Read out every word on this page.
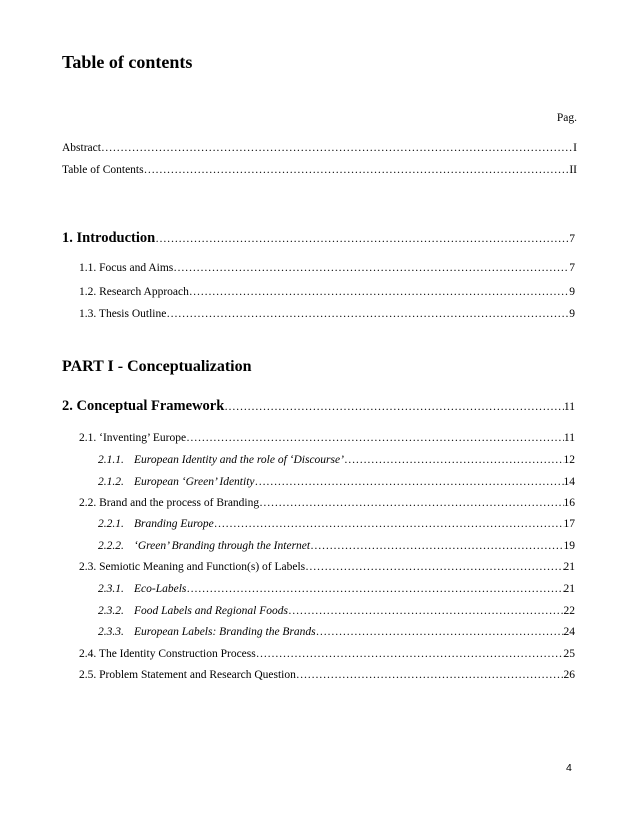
Table of contents
Pag.
Abstract ……………………………………………………………………………………………………………………………………………………………………………………………………………………	I
Table of Contents ……………………………………………………………………………………………………………………………………………………………………………………………………………………	II
1. Introduction ……………………………………………………………………………………………………………………………………………………………………………………………………………………	7
1.1. Focus and Aims ……………………………………………………………………………………………………………………………………………………………………………………………………………………	7
1.2. Research Approach ……………………………………………………………………………………………………………………………………………………………………………………………………………………	9
1.3. Thesis Outline ……………………………………………………………………………………………………………………………………………………………………………………………………………………	9
PART I - Conceptualization
2. Conceptual Framework ……………………………………………………………………………………………………………………………………………………………………………………………………………………	11
2.1. ‘Inventing’ Europe ……………………………………………………………………………………………………………………………………………………………………………………………………………………	11
2.1.1. European Identity and the role of ‘Discourse’ ……………………………………………………………………………………………………………………………………………………………………………………………………………………	12
2.1.2. European ‘Green’ Identity ……………………………………………………………………………………………………………………………………………………………………………………………………………………	14
2.2. Brand and the process of Branding ……………………………………………………………………………………………………………………………………………………………………………………………………………………	16
2.2.1. Branding Europe ……………………………………………………………………………………………………………………………………………………………………………………………………………………	17
2.2.2. ‘Green’ Branding through the Internet ……………………………………………………………………………………………………………………………………………………………………………………………………………………	19
2.3. Semiotic Meaning and Function(s) of Labels ……………………………………………………………………………………………………………………………………………………………………………………………………………………	21
2.3.1. Eco-Labels ……………………………………………………………………………………………………………………………………………………………………………………………………………………	21
2.3.2. Food Labels and Regional Foods ……………………………………………………………………………………………………………………………………………………………………………………………………………………	22
2.3.3. European Labels: Branding the Brands ……………………………………………………………………………………………………………………………………………………………………………………………………………………	24
2.4. The Identity Construction Process ……………………………………………………………………………………………………………………………………………………………………………………………………………………	25
2.5. Problem Statement and Research Question ……………………………………………………………………………………………………………………………………………………………………………………………………………………	26
4
